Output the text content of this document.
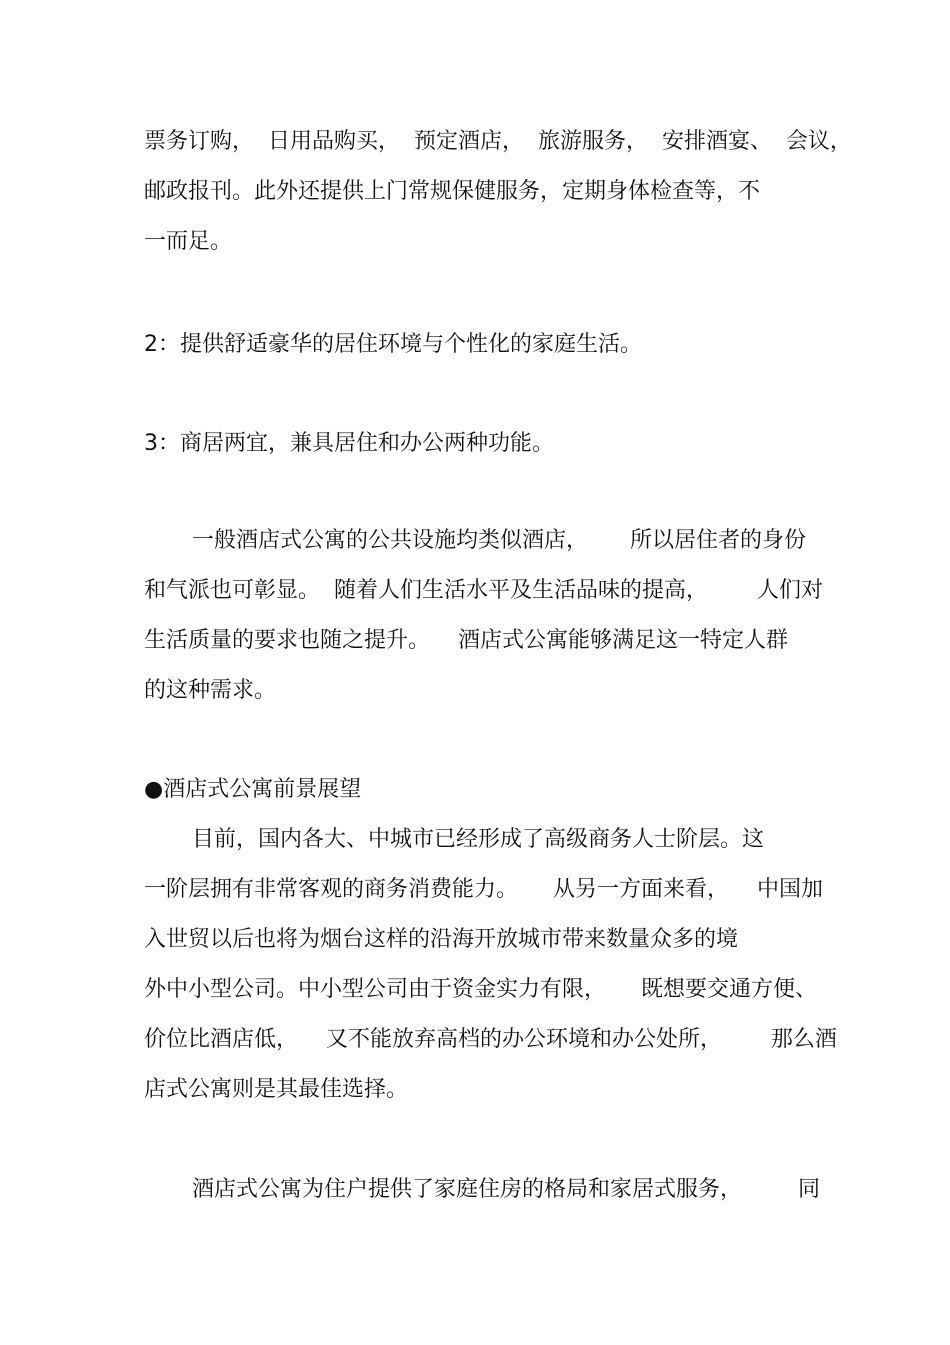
票务订购，  日用品购买，  预定酒店，  旅游服务，  安排酒宴、  会议，
邮政报刊。此外还提供上门常规保健服务，定期身体检查等，不
一而足。
2：提供舒适豪华的居住环境与个性化的家庭生活。
3：商居两宜，兼具居住和办公两种功能。
一般酒店式公寓的公共设施均类似酒店，      所以居住者的身份
和气派也可彰显。  随着人们生活水平及生活品味的提高，       人们对
生活质量的要求也随之提升。    酒店式公寓能够满足这一特定人群
的这种需求。
●酒店式公寓前景展望
目前，国内各大、中城市已经形成了高级商务人士阶层。这
一阶层拥有非常客观的商务消费能力。     从另一方面来看，    中国加
入世贸以后也将为烟台这样的沿海开放城市带来数量众多的境
外中小型公司。中小型公司由于资金实力有限，     既想要交通方便、
价位比酒店低，    又不能放弃高档的办公环境和办公处所，       那么酒
店式公寓则是其最佳选择。
酒店式公寓为住户提供了家庭住房的格局和家居式服务，        同
